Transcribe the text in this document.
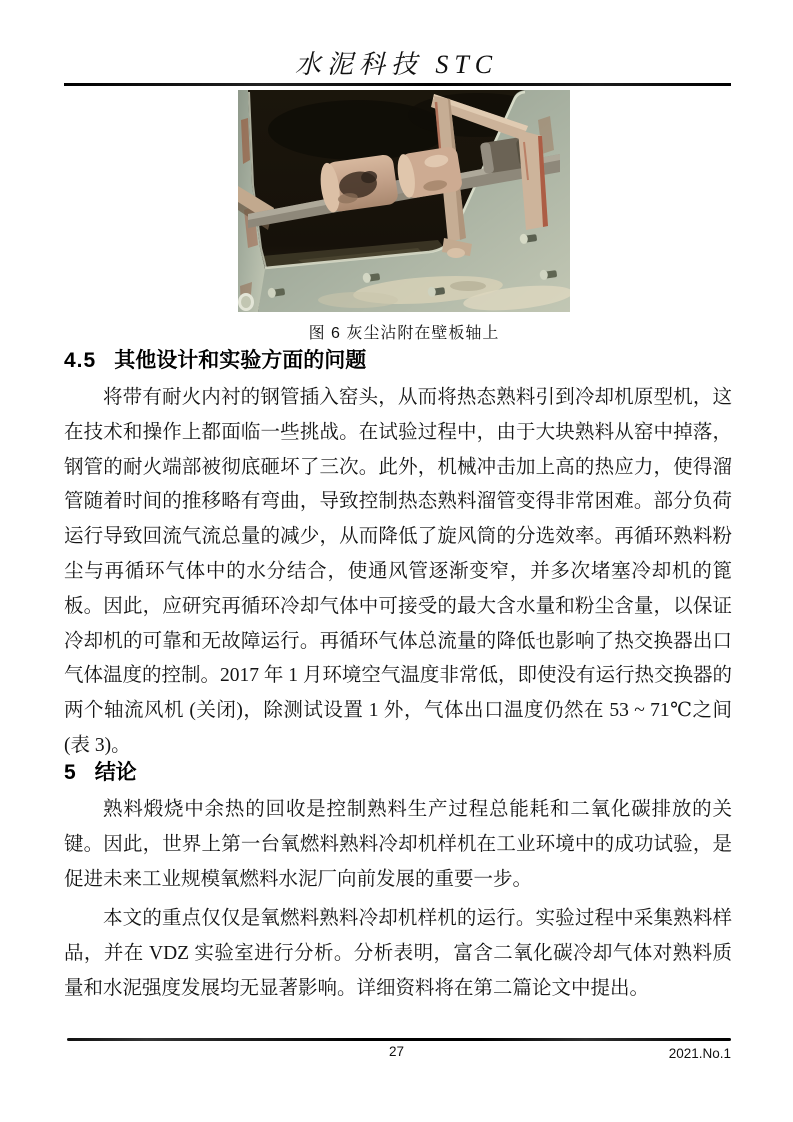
水泥科技 STC
图 6 灰尘沾附在壁板轴上
4.5 其他设计和实验方面的问题

将带有耐火内衬的钢管插入窑头，从而将热态熟料引到冷却机原型机，这在技术和操作上都面临一些挑战。在试验过程中，由于大块熟料从窑中掉落，钢管的耐火端部被彻底砸坏了三次。此外，机械冲击加上高的热应力，使得溜管随着时间的推移略有弯曲，导致控制热态熟料溜管变得非常困难。部分负荷运行导致回流气流总量的减少，从而降低了旋风筒的分选效率。再循环熟料粉尘与再循环气体中的水分结合，使通风管逐渐变窄，并多次堵塞冷却机的篦板。因此，应研究再循环冷却气体中可接受的最大含水量和粉尘含量，以保证冷却机的可靠和无故障运行。再循环气体总流量的降低也影响了热交换器出口气体温度的控制。2017 年 1 月环境空气温度非常低，即使没有运行热交换器的两个轴流风机 (关闭)，除测试设置 1 外，气体出口温度仍然在 53 ~ 71℃之间(表 3)。

5 结论

熟料煅烧中余热的回收是控制熟料生产过程总能耗和二氧化碳排放的关键。因此，世界上第一台氧燃料熟料冷却机样机在工业环境中的成功试验，是促进未来工业规模氧燃料水泥厂向前发展的重要一步。

本文的重点仅仅是氧燃料熟料冷却机样机的运行。实验过程中采集熟料样品，并在 VDZ 实验室进行分析。分析表明，富含二氧化碳冷却气体对熟料质量和水泥强度发展均无显著影响。详细资料将在第二篇论文中提出。

27	2021.No.1
